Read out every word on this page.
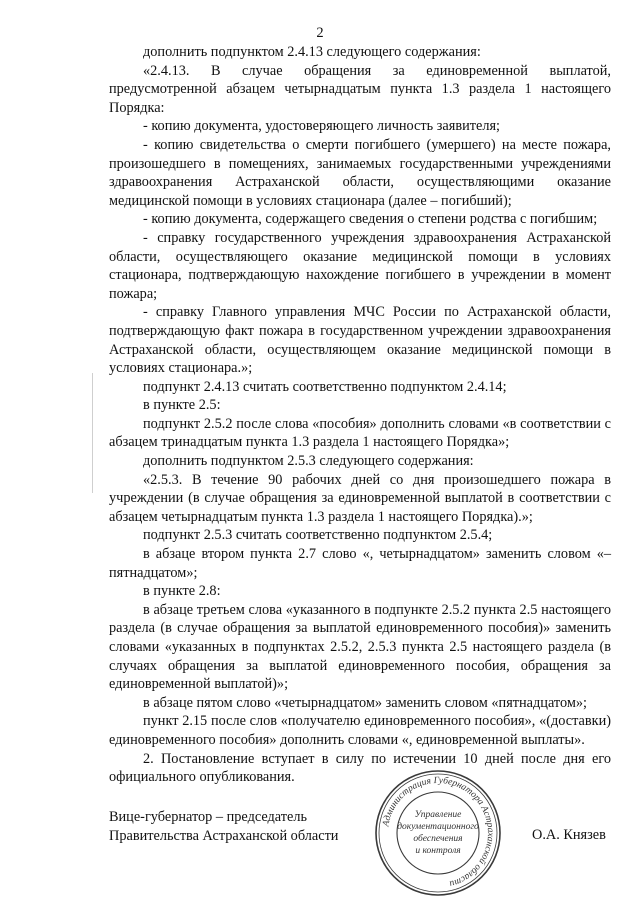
2

дополнить подпунктом 2.4.13 следующего содержания:

«2.4.13. В случае обращения за единовременной выплатой, предусмотренной абзацем четырнадцатым пункта 1.3 раздела 1 настоящего Порядка:

- копию документа, удостоверяющего личность заявителя;

- копию свидетельства о смерти погибшего (умершего) на месте пожара, произошедшего в помещениях, занимаемых государственными учреждениями здравоохранения Астраханской области, осуществляющими оказание медицинской помощи в условиях стационара (далее – погибший);

- копию документа, содержащего сведения о степени родства с погибшим;

- справку государственного учреждения здравоохранения Астраханской области, осуществляющего оказание медицинской помощи в условиях стационара, подтверждающую нахождение погибшего в учреждении в момент пожара;

- справку Главного управления МЧС России по Астраханской области, подтверждающую факт пожара в государственном учреждении здравоохранения Астраханской области, осуществляющем оказание медицинской помощи в условиях стационара.»;

подпункт 2.4.13 считать соответственно подпунктом 2.4.14;

в пункте 2.5:

подпункт 2.5.2 после слова «пособия» дополнить словами «в соответствии с абзацем тринадцатым пункта 1.3 раздела 1 настоящего Порядка»;

дополнить подпунктом 2.5.3 следующего содержания:

«2.5.3. В течение 90 рабочих дней со дня произошедшего пожара в учреждении (в случае обращения за единовременной выплатой в соответствии с абзацем четырнадцатым пункта 1.3 раздела 1 настоящего Порядка).»;

подпункт 2.5.3 считать соответственно подпунктом 2.5.4;

в абзаце втором пункта 2.7 слово «, четырнадцатом» заменить словом «– пятнадцатом»;

в пункте 2.8:

в абзаце третьем слова «указанного в подпункте 2.5.2 пункта 2.5 настоящего раздела (в случае обращения за выплатой единовременного пособия)» заменить словами «указанных в подпунктах 2.5.2, 2.5.3 пункта 2.5 настоящего раздела (в случаях обращения за выплатой единовременного пособия, обращения за единовременной выплатой)»;

в абзаце пятом слово «четырнадцатом» заменить словом «пятнадцатом»;

пункт 2.15 после слов «получателю единовременного пособия», «(доставки) единовременного пособия» дополнить словами «, единовременной выплаты».

2. Постановление вступает в силу по истечении 10 дней после дня его официального опубликования.

Вице-губернатор – председатель
Правительства Астраханской области	О.А. Князев
Администрация Губернатора Астраханской области
Управление
документационного
обеспечения
и контроля
